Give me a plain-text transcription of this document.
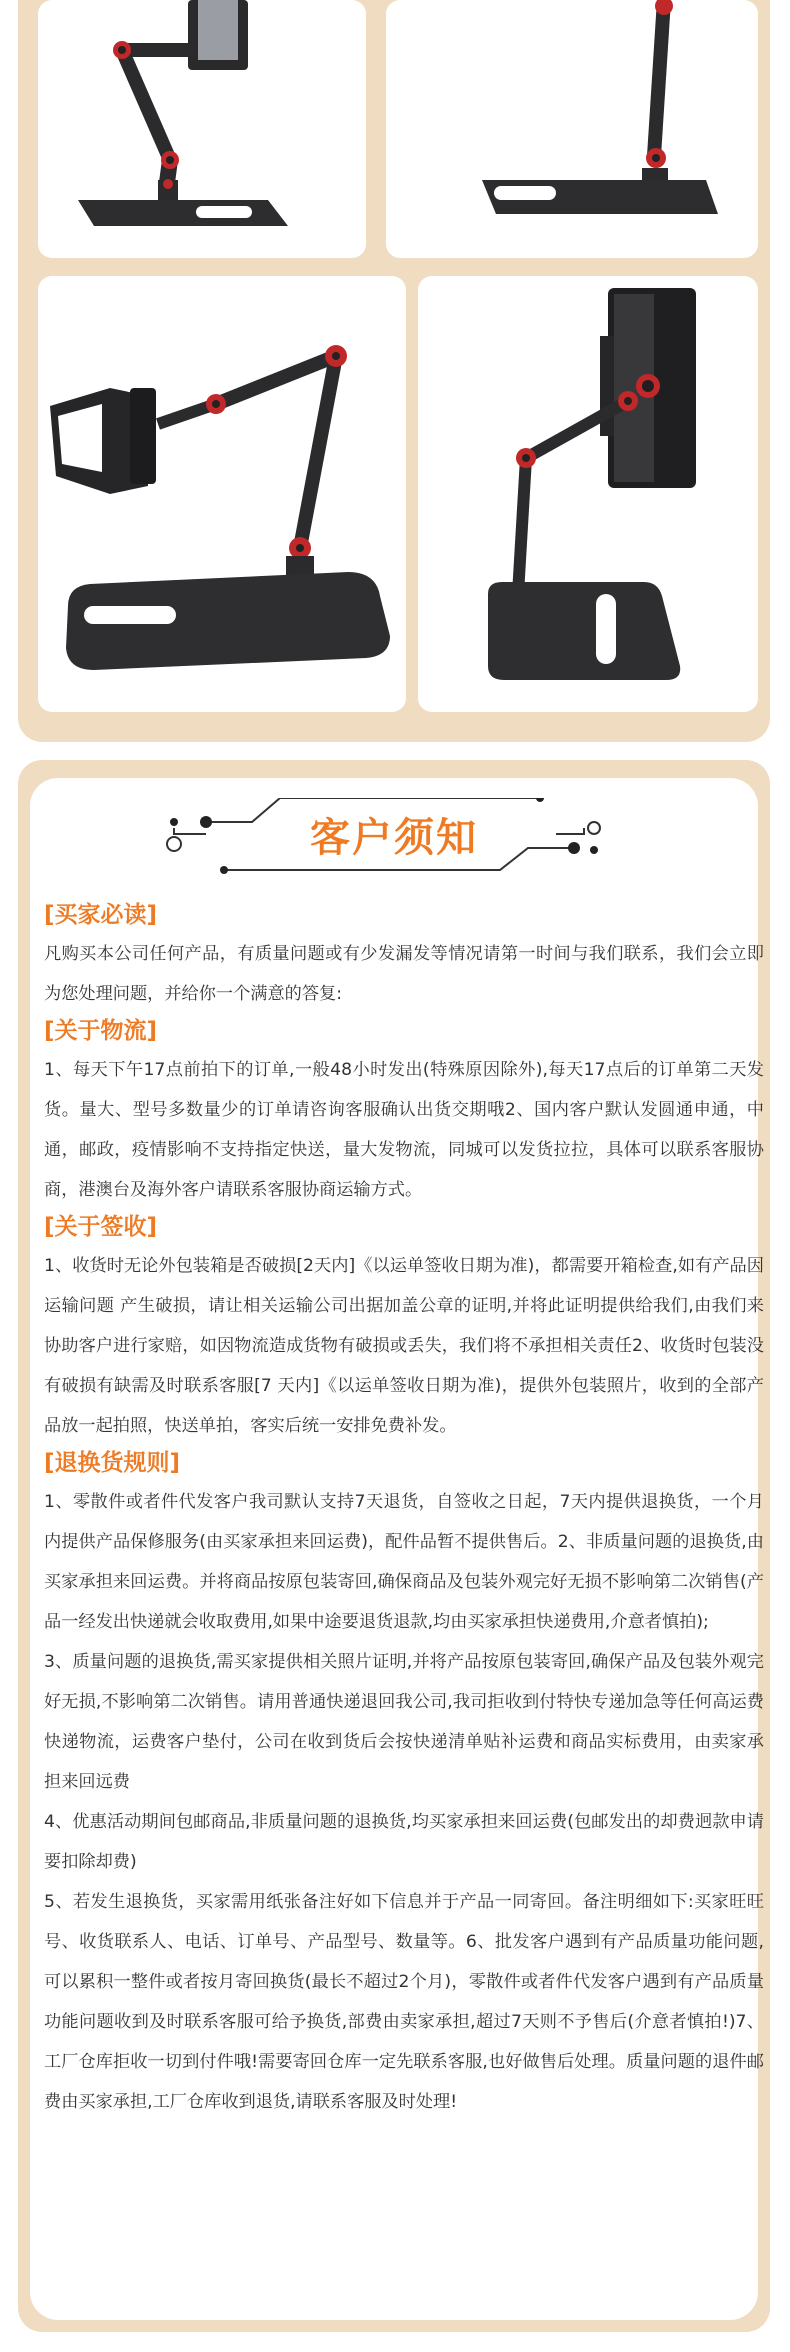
客户须知
[买家必读]

凡购买本公司任何产品，有质量问题或有少发漏发等情况请第一时间与我们联系，我们会立即为您处理问题，并给你一个满意的答复:

[关于物流]

1、每天下午17点前拍下的订单,一般48小时发出(特殊原因除外),每天17点后的订单第二天发货。量大、型号多数量少的订单请咨询客服确认出货交期哦2、国内客户默认发圆通申通，中通，邮政，疫情影响不支持指定快送，量大发物流，同城可以发货拉拉，具体可以联系客服协商，港澳台及海外客户请联系客服协商运输方式。

[关于签收]

1、收货时无论外包装箱是否破损[2天内]《以运单签收日期为准)，都需要开箱检查,如有产品因运输问题 产生破损，请让相关运输公司出据加盖公章的证明,并将此证明提供给我们,由我们来协助客户进行家赔，如因物流造成货物有破损或丢失，我们将不承担相关责任2、收货时包装没有破损有缺需及时联系客服[7 天内]《以运单签收日期为准)，提供外包装照片，收到的全部产品放一起拍照，快送单拍，客实后统一安排免费补发。

[退换货规则]

1、零散件或者件代发客户我司默认支持7天退货，自签收之日起，7天内提供退换货，一个月内提供产品保修服务(由买家承担来回运费)，配件品暂不提供售后。2、非质量问题的退换货,由买家承担来回运费。并将商品按原包装寄回,确保商品及包装外观完好无损不影响第二次销售(产品一经发出快递就会收取费用,如果中途要退货退款,均由买家承担快递费用,介意者慎拍);

3、质量问题的退换货,需买家提供相关照片证明,并将产品按原包装寄回,确保产品及包装外观完好无损,不影响第二次销售。请用普通快递退回我公司,我司拒收到付特快专递加急等任何高运费快递物流，运费客户垫付，公司在收到货后会按快递清单贴补运费和商品实标费用，由卖家承担来回远费

4、优惠活动期间包邮商品,非质量问题的退换货,均买家承担来回运费(包邮发出的却费迥款申请要扣除却费)

5、若发生退换货，买家需用纸张备注好如下信息并于产品一同寄回。备注明细如下:买家旺旺号、收货联系人、电话、订单号、产品型号、数量等。6、批发客户遇到有产品质量功能问题,可以累积一整件或者按月寄回换货(最长不超过2个月)，零散件或者件代发客户遇到有产品质量功能问题收到及时联系客服可给予换货,部费由卖家承担,超过7天则不予售后(介意者慎拍!)7、工厂仓库拒收一切到付件哦!需要寄回仓库一定先联系客服,也好做售后处理。质量问题的退件邮费由买家承担,工厂仓库收到退货,请联系客服及时处理!
